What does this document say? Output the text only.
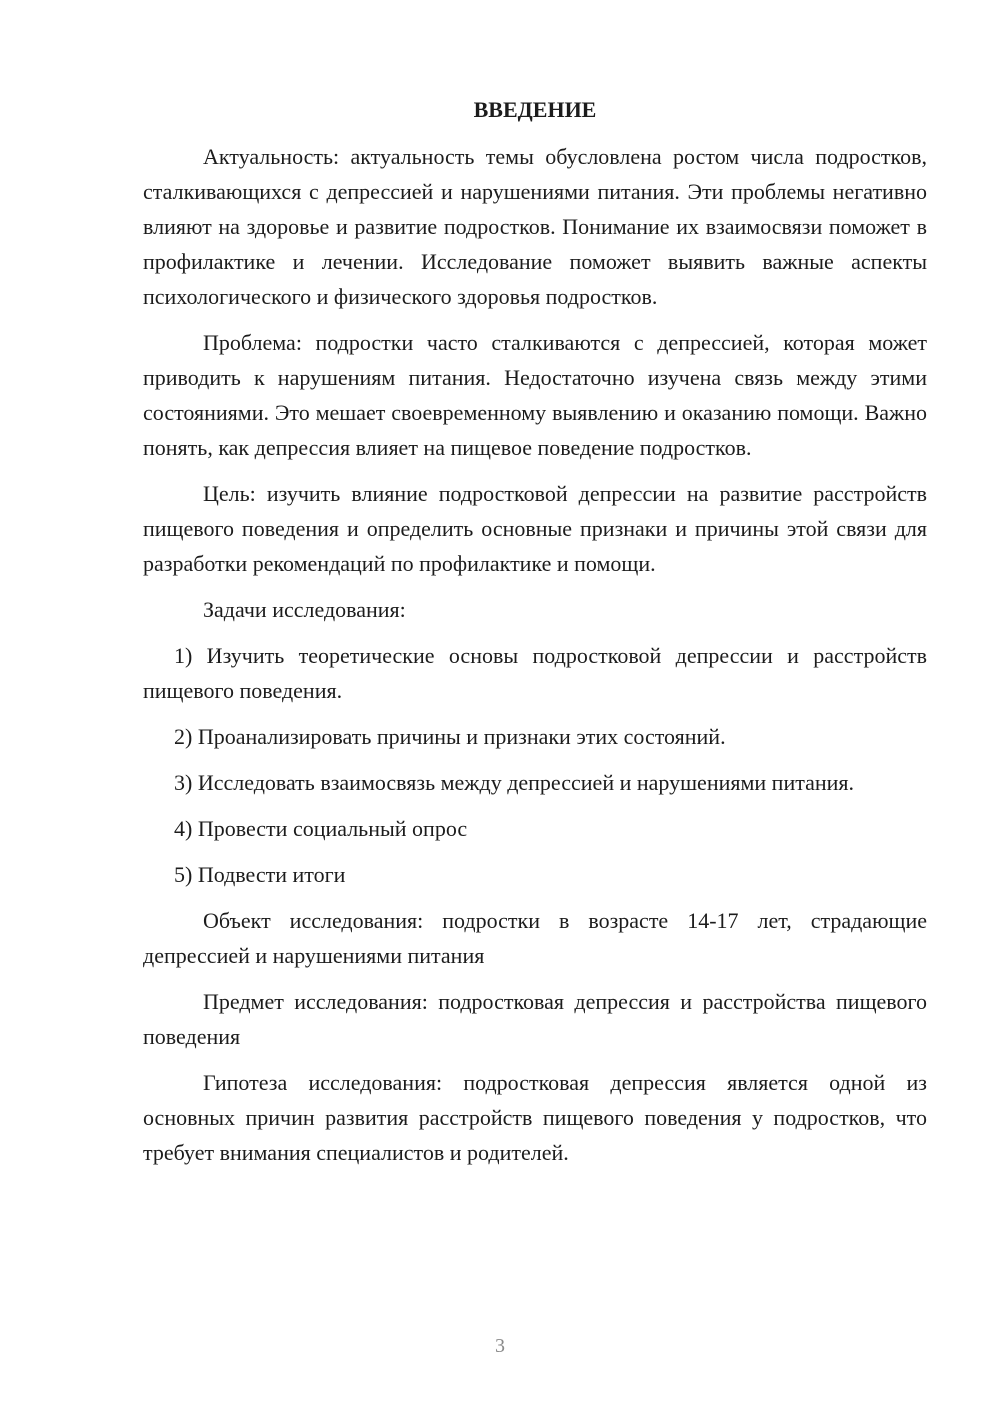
ВВЕДЕНИЕ

Актуальность: актуальность темы обусловлена ростом числа подростков, сталкивающихся с депрессией и нарушениями питания. Эти проблемы негативно влияют на здоровье и развитие подростков. Понимание их взаимосвязи поможет в профилактике и лечении. Исследование поможет выявить важные аспекты психологического и физического здоровья подростков.

Проблема: подростки часто сталкиваются с депрессией, которая может приводить к нарушениям питания. Недостаточно изучена связь между этими состояниями. Это мешает своевременному выявлению и оказанию помощи. Важно понять, как депрессия влияет на пищевое поведение подростков.

Цель: изучить влияние подростковой депрессии на развитие расстройств пищевого поведения и определить основные признаки и причины этой связи для разработки рекомендаций по профилактике и помощи.

Задачи исследования:

1) Изучить теоретические основы подростковой депрессии и расстройств пищевого поведения.

2) Проанализировать причины и признаки этих состояний.

3) Исследовать взаимосвязь между депрессией и нарушениями питания.

4) Провести социальный опрос

5) Подвести итоги

Объект исследования: подростки в возрасте 14-17 лет, страдающие депрессией и нарушениями питания

Предмет исследования: подростковая депрессия и расстройства пищевого поведения

Гипотеза исследования: подростковая депрессия является одной из основных причин развития расстройств пищевого поведения у подростков, что требует внимания специалистов и родителей.

3
